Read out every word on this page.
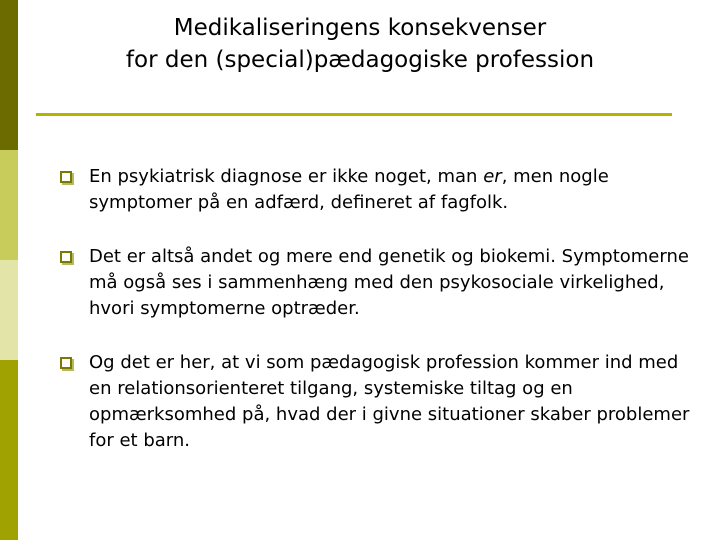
Medikaliseringens konsekvenser
for den (special)pædagogiske profession
En psykiatrisk diagnose er ikke noget, man er, men nogle symptomer på en adfærd, defineret af fagfolk.
Det er altså andet og mere end genetik og biokemi. Symptomerne må også ses i sammenhæng med den psykosociale virkelighed, hvori symptomerne optræder.
Og det er her, at vi som pædagogisk profession kommer ind med en relationsorienteret tilgang, systemiske tiltag og en opmærksomhed på, hvad der i givne situationer skaber problemer for et barn.
